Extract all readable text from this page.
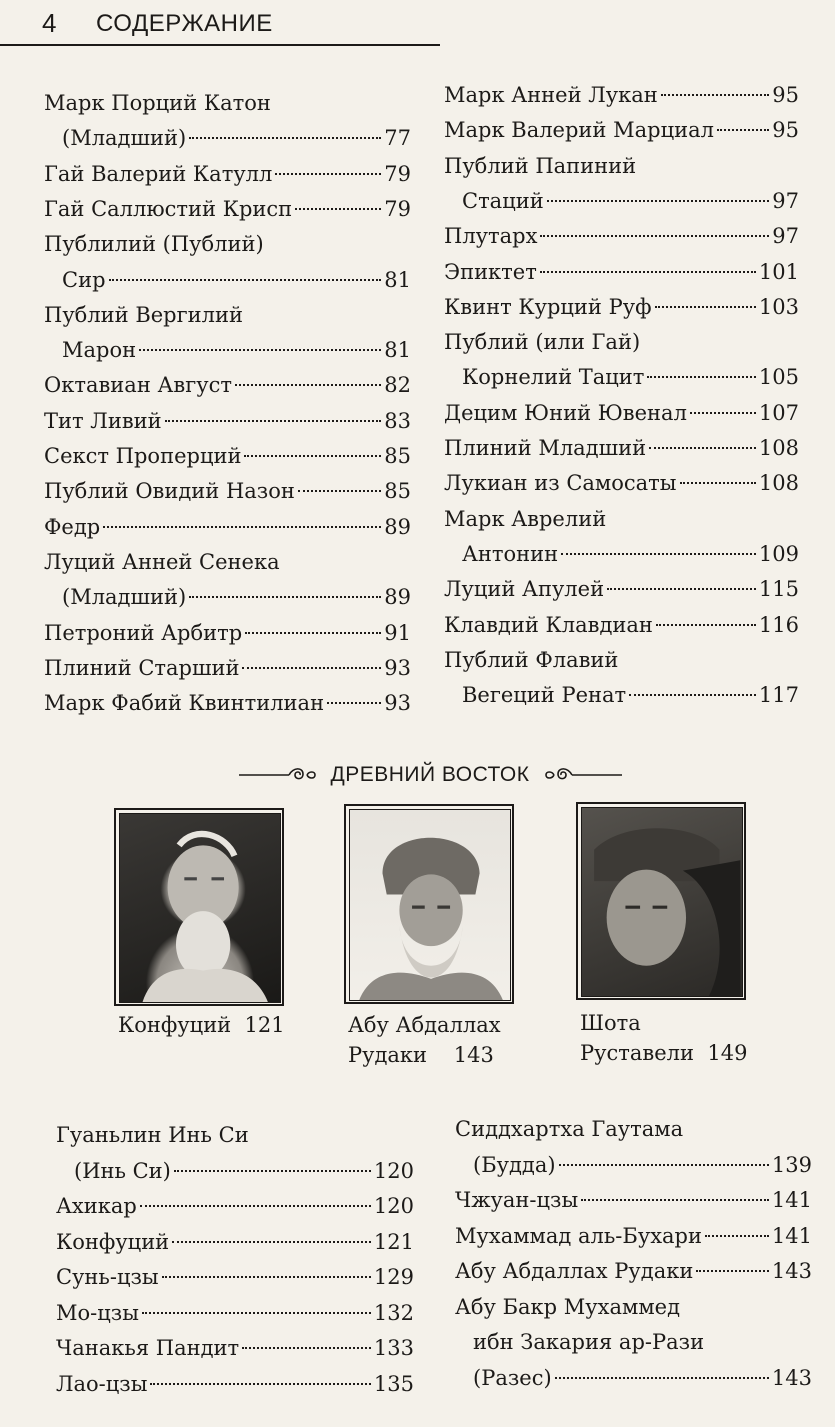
4 СОДЕРЖАНИЕ
Марк Порций Катон
(Младший)	77
Гай Валерий Катулл	79
Гай Саллюстий Крисп	79
Публилий (Публий)
Сир	81
Публий Вергилий
Марон	81
Октавиан Август	82
Тит Ливий	83
Секст Проперций	85
Публий Овидий Назон	85
Федр	89
Луций Анней Сенека
(Младший)	89
Петроний Арбитр	91
Плиний Старший	93
Марк Фабий Квинтилиан	93
Марк Анней Лукан	95
Марк Валерий Марциал	95
Публий Папиний
Стаций	97
Плутарх	97
Эпиктет	101
Квинт Курций Руф	103
Публий (или Гай)
Корнелий Тацит	105
Децим Юний Ювенал	107
Плиний Младший	108
Лукиан из Самосаты	108
Марк Аврелий
Антонин	109
Луций Апулей	115
Клавдий Клавдиан	116
Публий Флавий
Вегеций Ренат	117
ДРЕВНИЙ ВОСТОК
Конфуций 121	Абу Абдаллах
Рудаки 143
Шота
Руставели 149
Гуаньлин Инь Си
(Инь Си)	120
Ахикар	120
Конфуций	121
Сунь-цзы	129
Мо-цзы	132
Чанакья Пандит	133
Лао-цзы	135
Сиддхартха Гаутама
(Будда)	139
Чжуан-цзы	141
Мухаммад аль-Бухари	141
Абу Абдаллах Рудаки	143
Абу Бакр Мухаммед
ибн Закария ар-Рази
(Разес)	143
